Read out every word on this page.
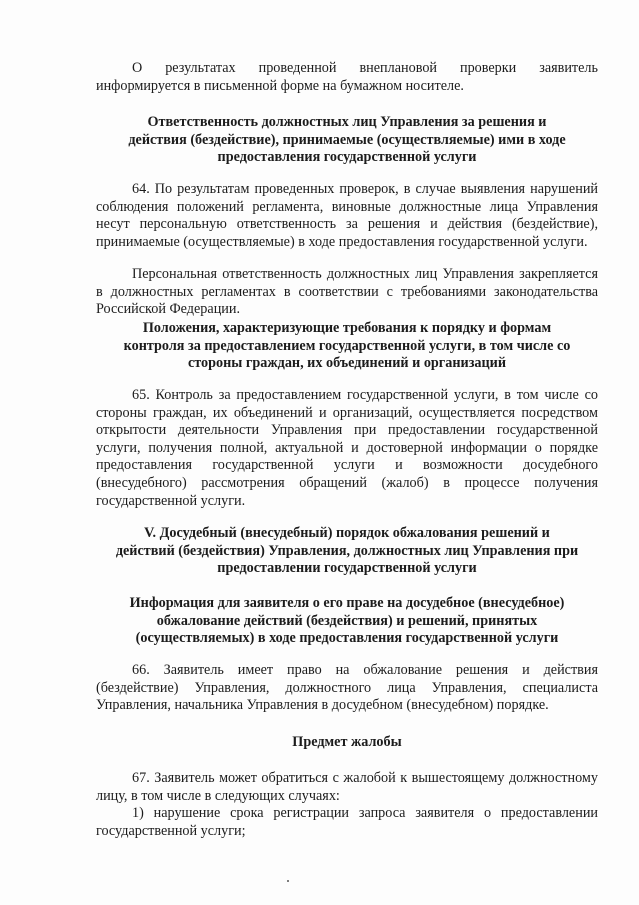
О результатах проведенной внеплановой проверки заявитель информируется в письменной форме на бумажном носителе.

Ответственность должностных лиц Управления за решения и
действия (бездействие), принимаемые (осуществляемые) ими в ходе
предоставления государственной услуги

64. По результатам проведенных проверок, в случае выявления нарушений соблюдения положений регламента, виновные должностные лица Управления несут персональную ответственность за решения и действия (бездействие), принимаемые (осуществляемые) в ходе предоставления государственной услуги.

Персональная ответственность должностных лиц Управления закрепляется в должностных регламентах в соответствии с требованиями законодательства Российской Федерации.

Положения, характеризующие требования к порядку и формам
контроля за предоставлением государственной услуги, в том числе со
стороны граждан, их объединений и организаций

65. Контроль за предоставлением государственной услуги, в том числе со стороны граждан, их объединений и организаций, осуществляется посредством открытости деятельности Управления при предоставлении государственной услуги, получения полной, актуальной и достоверной информации о порядке предоставления государственной услуги и возможности досудебного (внесудебного) рассмотрения обращений (жалоб) в процессе получения государственной услуги.

V. Досудебный (внесудебный) порядок обжалования решений и
действий (бездействия) Управления, должностных лиц Управления при
предоставлении государственной услуги
Информация для заявителя о его праве на досудебное (внесудебное)
обжалование действий (бездействия) и решений, принятых
(осуществляемых) в ходе предоставления государственной услуги

66. Заявитель имеет право на обжалование решения и действия (бездействие) Управления, должностного лица Управления, специалиста Управления, начальника Управления в досудебном (внесудебном) порядке.

Предмет жалобы

67. Заявитель может обратиться с жалобой к вышестоящему должностному лицу, в том числе в следующих случаях:

1) нарушение срока регистрации запроса заявителя о предоставлении государственной услуги;
